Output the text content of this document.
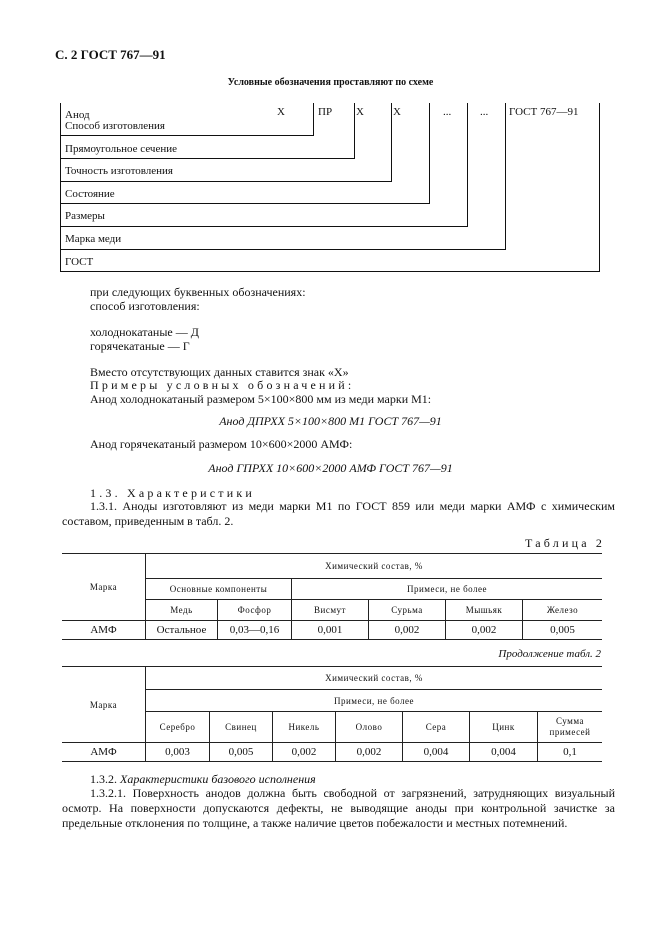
С. 2 ГОСТ 767—91
Условные обозначения проставляют по схеме
Х	ПР Х	Х	...	... ГОСТ 767—91
Анод
Способ изготовления
Прямоугольное сечение
Точность изготовления
Состояние
Размеры
Марка меди
ГОСТ
при следующих буквенных обозначениях:
способ изготовления:
холоднокатаные — Д
горячекатаные — Г
Вместо отсутствующих данных ставится знак «Х»
Примеры условных обозначений:
Анод холоднокатаный размером 5×100×800 мм из меди марки М1:
Анод ДПРХХ 5×100×800 М1 ГОСТ 767—91
Анод горячекатаный размером 10×600×2000 АМФ:
Анод ГПРХХ 10×600×2000 АМФ ГОСТ 767—91
1.3. Характеристики
1.3.1. Аноды изготовляют из меди марки М1 по ГОСТ 859 или меди марки АМФ с химическим составом, приведенным в табл. 2.
Таблица 2
Марка	Химический состав, %					
	Основные компоненты		Примеси, не более			
	Медь	Фосфор	Висмут	Сурьма	Мышьяк	Железо
АМФ	Остальное	0,03—0,16	0,001	0,002	0,002	0,005
Продолжение табл. 2
Марка	Химический состав, %						
	Примеси, не более						
	Серебро	Свинец	Никель	Олово	Сера	Цинк	Сумма примесей
АМФ	0,003	0,005	0,002	0,002	0,004	0,004	0,1
1.3.2. Характеристики базового исполнения
1.3.2.1. Поверхность анодов должна быть свободной от загрязнений, затрудняющих визуальный осмотр. На поверхности допускаются дефекты, не выводящие аноды при контрольной зачистке за предельные отклонения по толщине, а также наличие цветов побежалости и местных потемнений.
